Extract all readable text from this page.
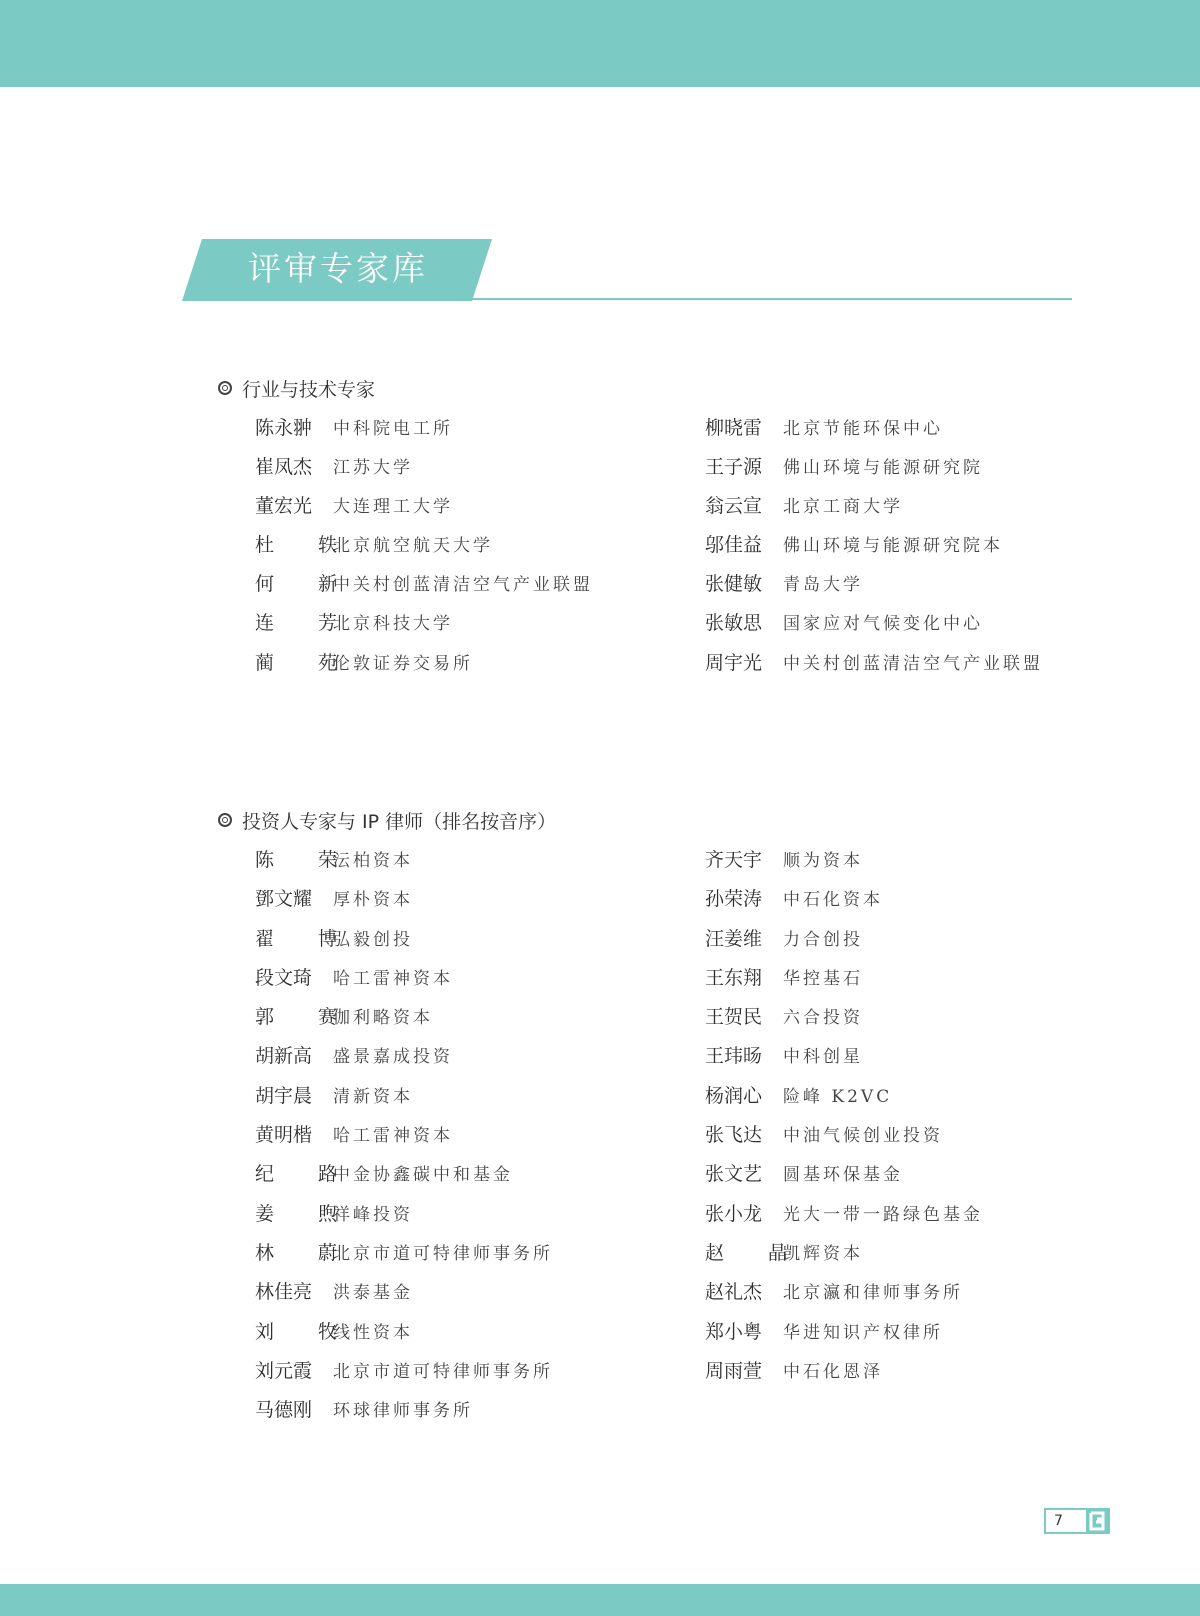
评审专家库
行业与技术专家
陈永翀 中科院电工所
崔凤杰 江苏大学
董宏光 大连理工大学
杜 轶北京航空航天大学
何 新中关村创蓝清洁空气产业联盟
连 芳北京科技大学
蔺 苑伦敦证券交易所
柳晓雷 北京节能环保中心
王子源 佛山环境与能源研究院
翁云宣 北京工商大学
邬佳益 佛山环境与能源研究院本
张健敏 青岛大学
张敏思 国家应对气候变化中心
周宇光 中关村创蓝清洁空气产业联盟
投资人专家与 IP 律师（排名按音序）
陈 荣沄柏资本
鄧文耀 厚朴资本
翟 博弘毅创投
段文琦 哈工雷神资本
郭 赛伽利略资本
胡新高 盛景嘉成投资
胡宇晨 清新资本
黄明楷 哈工雷神资本
纪 路中金协鑫碳中和基金
姜 煦祥峰投资
林 蔚北京市道可特律师事务所
林佳亮 洪泰基金
刘 牧线性资本
刘元霞 北京市道可特律师事务所
马德刚 环球律师事务所
齐天宇 顺为资本
孙荣涛 中石化资本
汪姜维 力合创投
王东翔 华控基石
王贺民 六合投资
王玮旸 中科创星
杨润心 险峰 K2VC
张飞达 中油气候创业投资
张文艺 圆基环保基金
张小龙 光大一带一路绿色基金
赵 晶凯辉资本
赵礼杰 北京瀛和律师事务所
郑小粤 华进知识产权律所
周雨萱 中石化恩泽
7
